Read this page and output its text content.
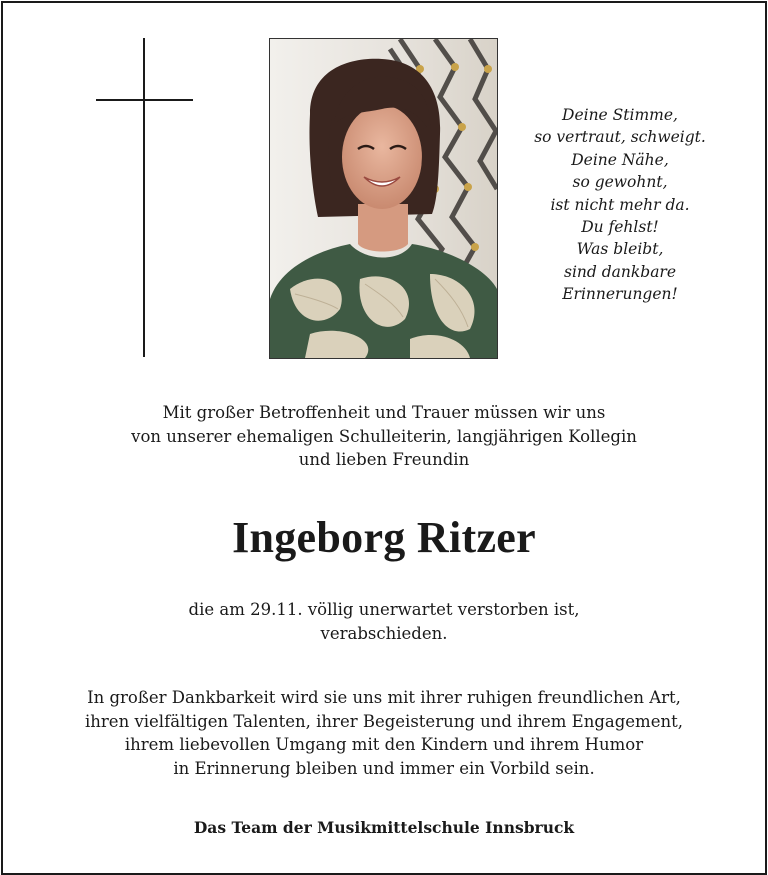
Deine Stimme,
so vertraut, schweigt.
Deine Nähe,
so gewohnt,
ist nicht mehr da.
Du fehlst!
Was bleibt,
sind dankbare
Erinnerungen!
Mit großer Betroffenheit und Trauer müssen wir uns
von unserer ehemaligen Schulleiterin, langjährigen Kollegin
und lieben Freundin
Ingeborg Ritzer
die am 29.11. völlig unerwartet verstorben ist,
verabschieden.
In großer Dankbarkeit wird sie uns mit ihrer ruhigen freundlichen Art,
ihren vielfältigen Talenten, ihrer Begeisterung und ihrem Engagement,
ihrem liebevollen Umgang mit den Kindern und ihrem Humor
in Erinnerung bleiben und immer ein Vorbild sein.
Das Team der Musikmittelschule Innsbruck
